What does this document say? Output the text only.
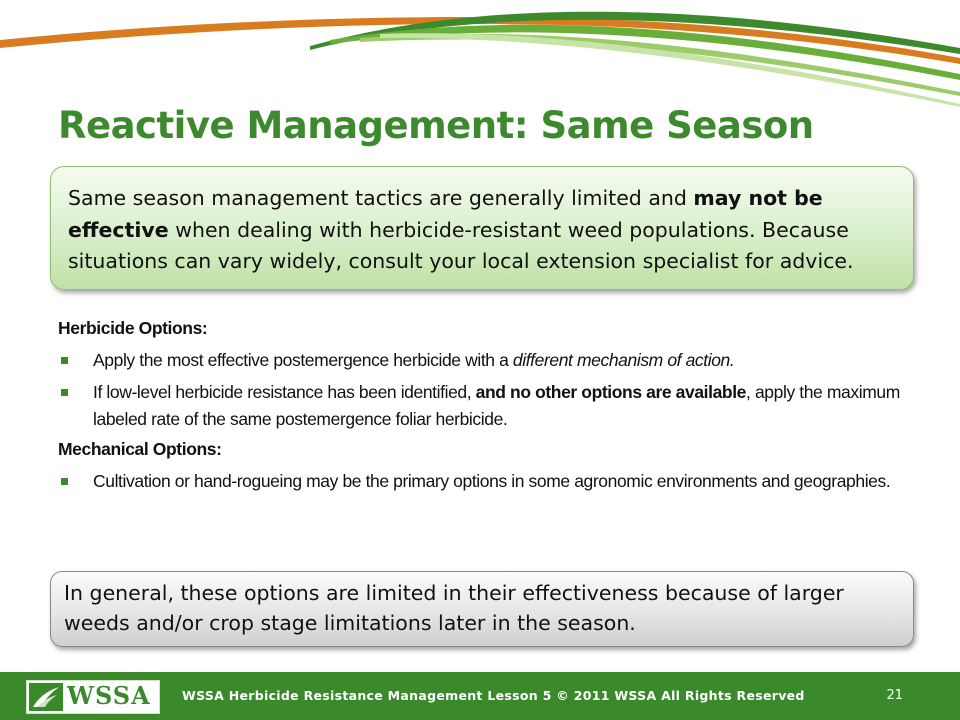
Reactive Management: Same Season
Same season management tactics are generally limited and may not be effective when dealing with herbicide-resistant weed populations. Because situations can vary widely, consult your local extension specialist for advice.

Herbicide Options:

Apply the most effective postemergence herbicide with a different mechanism of action.
If low-level herbicide resistance has been identified, and no other options are available, apply the maximum labeled rate of the same postemergence foliar herbicide.

Mechanical Options:

Cultivation or hand-rogueing may be the primary options in some agronomic environments and geographies.
In general, these options are limited in their effectiveness because of larger weeds and/or crop stage limitations later in the season.
WSSA	WSSA Herbicide Resistance Management Lesson 5 © 2011 WSSA All Rights Reserved	21
